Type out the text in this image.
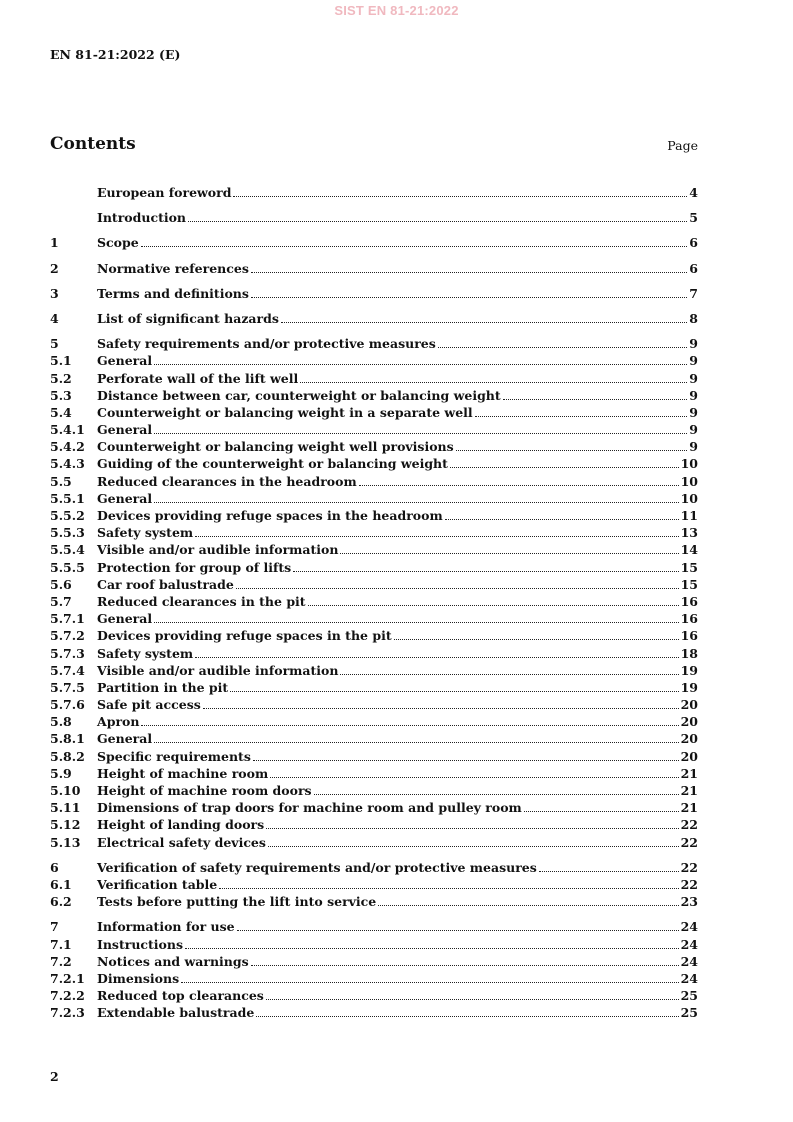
SIST EN 81-21:2022
EN 81-21:2022 (E)
Contents	Page
European foreword	4
Introduction	5
1	Scope	6
2	Normative references	6
3	Terms and definitions	7
4	List of significant hazards	8
5	Safety requirements and/or protective measures	9
5.1	General	9
5.2	Perforate wall of the lift well	9
5.3	Distance between car, counterweight or balancing weight	9
5.4	Counterweight or balancing weight in a separate well	9
5.4.1 General	9
5.4.2 Counterweight or balancing weight well provisions	9
5.4.3 Guiding of the counterweight or balancing weight	10
5.5	Reduced clearances in the headroom	10
5.5.1 General	10
5.5.2 Devices providing refuge spaces in the headroom	11
5.5.3 Safety system	13
5.5.4 Visible and/or audible information	14
5.5.5 Protection for group of lifts	15
5.6	Car roof balustrade	15
5.7	Reduced clearances in the pit	16
5.7.1 General	16
5.7.2 Devices providing refuge spaces in the pit	16
5.7.3 Safety system	18
5.7.4 Visible and/or audible information	19
5.7.5 Partition in the pit	19
5.7.6 Safe pit access	20
5.8	Apron	20
5.8.1 General	20
5.8.2 Specific requirements	20
5.9	Height of machine room	21
5.10	Height of machine room doors	21
5.11	Dimensions of trap doors for machine room and pulley room	21
5.12	Height of landing doors	22
5.13	Electrical safety devices	22
6	Verification of safety requirements and/or protective measures	22
6.1	Verification table	22
6.2	Tests before putting the lift into service	23
7	Information for use	24
7.1	Instructions	24
7.2	Notices and warnings	24
7.2.1 Dimensions	24
7.2.2 Reduced top clearances	25
7.2.3 Extendable balustrade	25
2
